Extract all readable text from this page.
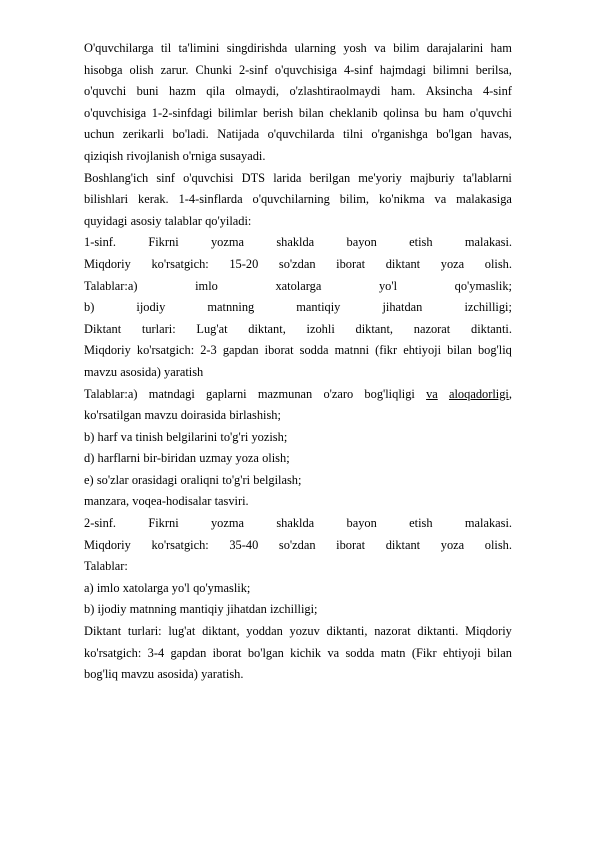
O'quvchilarga til ta'limini singdirishda ularning yosh va bilim darajalarini ham
hisobga olish zarur. Chunki 2-sinf o'quvchisiga 4-sinf hajmdagi bilimni berilsa,
o'quvchi buni hazm qila olmaydi, o'zlashtiraolmaydi ham. Aksincha 4-sinf
o'quvchisiga 1-2-sinfdagi bilimlar berish bilan cheklanib qolinsa bu ham o'quvchi
uchun zerikarli bo'ladi. Natijada o'quvchilarda tilni o'rganishga bo'lgan havas,
qiziqish rivojlanish o'rniga susayadi.
Boshlang'ich sinf o'quvchisi DTS larida berilgan me'yoriy majburiy ta'lablarni
bilishlari kerak. 1-4-sinflarda o'quvchilarning bilim, ko'nikma va malakasiga
quyidagi asosiy talablar qo'yiladi:
1-sinf.	Fikrni	yozma	shaklda	bayon	etish	malakasi.
Miqdoriy ko'rsatgich: 15-20 so'zdan iborat diktant yoza olish.
Talablar:a)	imlo	xatolarga	yo'l	qo'ymaslik;
b)	ijodiy	matnning	mantiqiy	jihatdan	izchilligi;
Diktant turlari: Lug'at diktant, izohli diktant, nazorat diktanti.
Miqdoriy ko'rsatgich: 2-3 gapdan iborat sodda matnni (fikr ehtiyoji bilan bog'liq
mavzu asosida) yaratish
Talablar:a) matndagi gaplarni mazmunan o'zaro bog'liqligi va aloqadorligi,
ko'rsatilgan mavzu doirasida birlashish;
b) harf va tinish belgilarini to'g'ri yozish;
d) harflarni bir-biridan uzmay yoza olish;
e) so'zlar orasidagi oraliqni to'g'ri belgilash;
manzara, voqea-hodisalar tasviri.
2-sinf.	Fikrni	yozma	shaklda	bayon	etish	malakasi.
Miqdoriy ko'rsatgich: 35-40 so'zdan iborat diktant yoza olish.
Talablar:
a) imlo xatolarga yo'l qo'ymaslik;
b) ijodiy matnning mantiqiy jihatdan izchilligi;
Diktant turlari: lug'at diktant, yoddan yozuv diktanti, nazorat diktanti. Miqdoriy
ko'rsatgich: 3-4 gapdan iborat bo'lgan kichik va sodda matn (Fikr ehtiyoji bilan
bog'liq mavzu asosida) yaratish.
